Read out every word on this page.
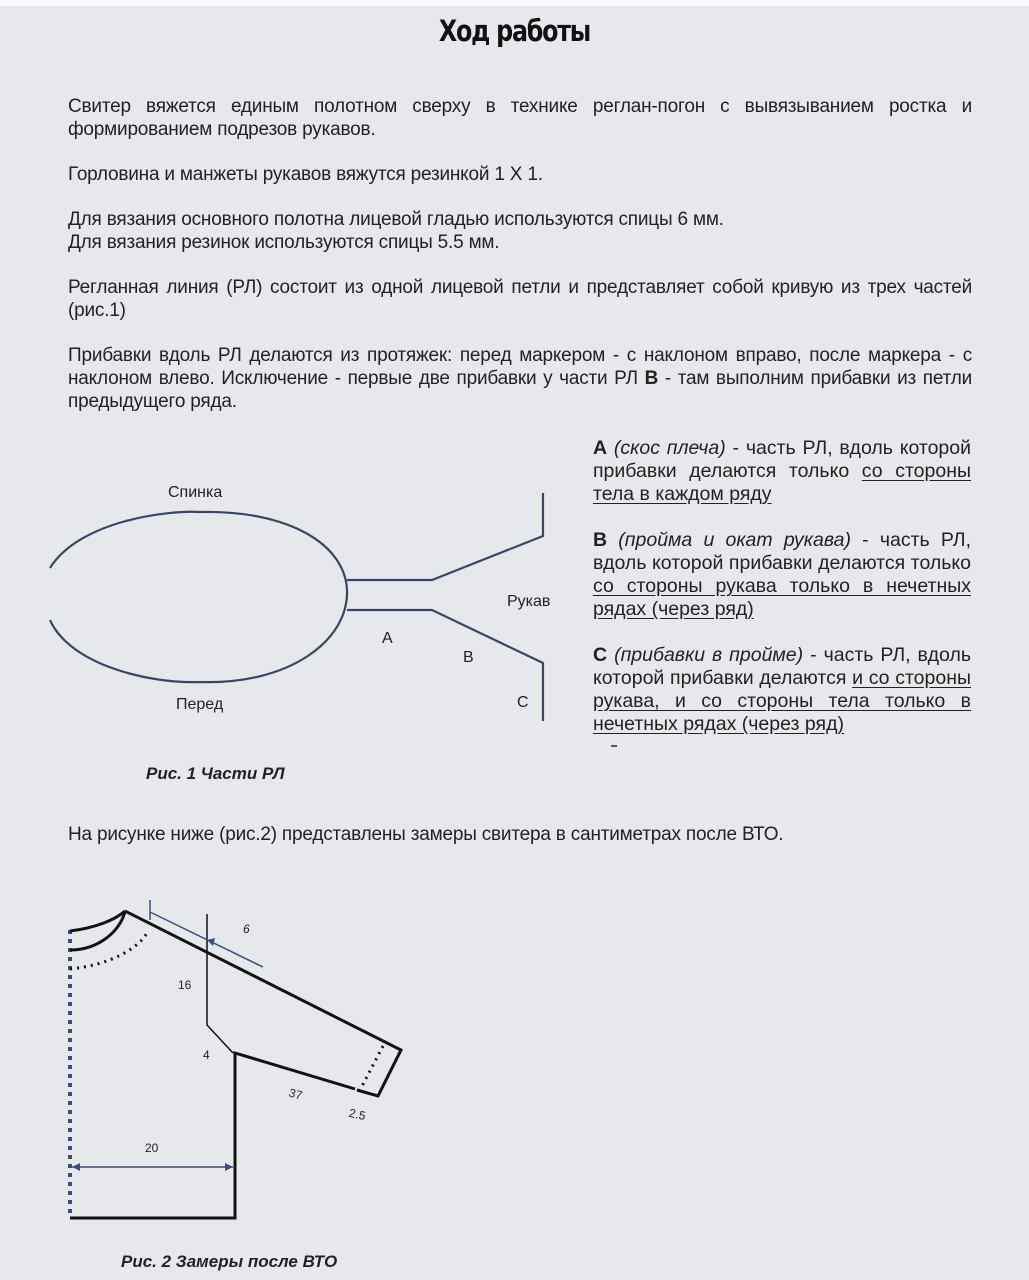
Ход работы
Свитер вяжется единым полотном сверху в технике реглан-погон с вывязыванием ростка и формированием подрезов рукавов.
Горловина и манжеты рукавов вяжутся резинкой 1 Х 1.
Для вязания основного полотна лицевой гладью используются спицы 6 мм.
Для вязания резинок используются спицы 5.5 мм.
Регланная линия (РЛ) состоит из одной лицевой петли и представляет собой кривую из трех частей (рис.1)
Прибавки вдоль РЛ делаются из протяжек: перед маркером - с наклоном вправо, после маркера - с наклоном влево. Исключение - первые две прибавки у части РЛ В - там выполним прибавки из петли предыдущего ряда.
А (скос плеча) - часть РЛ, вдоль которой прибавки делаются только со стороны тела в каждом ряду
В (пройма и окат рукава) - часть РЛ, вдоль которой прибавки делаются только со стороны рукава только в нечетных рядах (через ряд)
С (прибавки в пройме) - часть РЛ, вдоль которой прибавки делаются и со стороны рукава, и со стороны тела только в нечетных рядах (через ряд)
Спинка
Перед
Рукав
А
В
С
Рис. 1 Части РЛ
На рисунке ниже (рис.2) представлены замеры свитера в сантиметрах после ВТО.
6
16
4
37
2.5
20
Рис. 2 Замеры после ВТО
